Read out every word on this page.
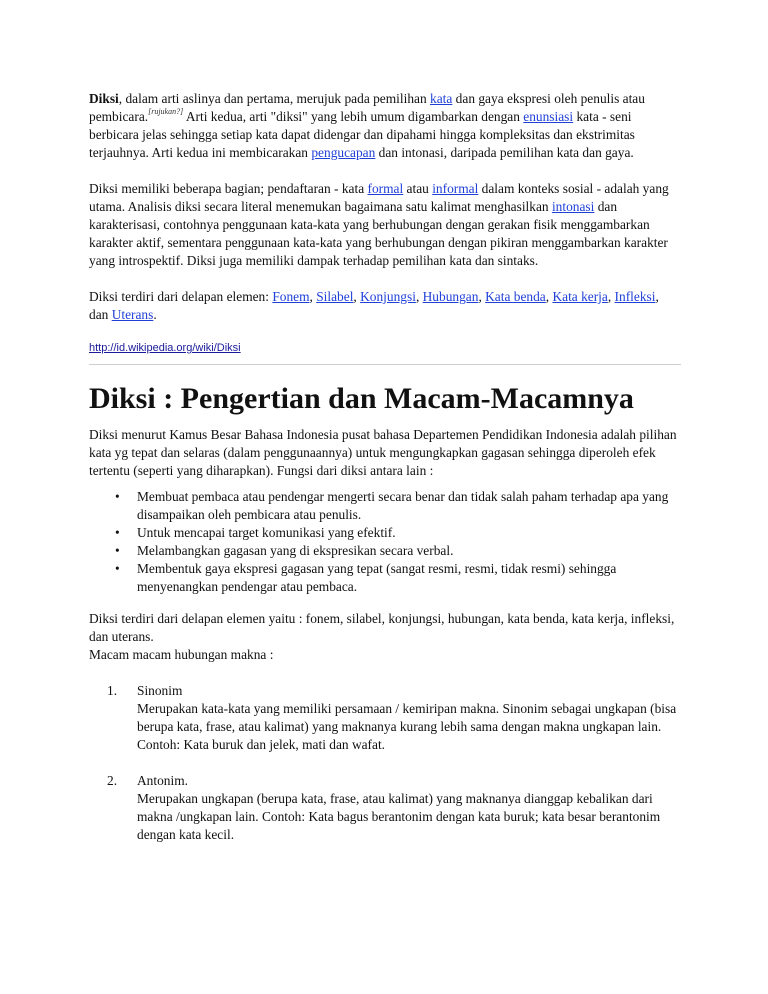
Diksi, dalam arti aslinya dan pertama, merujuk pada pemilihan kata dan gaya ekspresi oleh penulis atau pembicara.[rujukan?] Arti kedua, arti "diksi" yang lebih umum digambarkan dengan enunsiasi kata - seni berbicara jelas sehingga setiap kata dapat didengar dan dipahami hingga kompleksitas dan ekstrimitas terjauhnya. Arti kedua ini membicarakan pengucapan dan intonasi, daripada pemilihan kata dan gaya.

Diksi memiliki beberapa bagian; pendaftaran - kata formal atau informal dalam konteks sosial - adalah yang utama. Analisis diksi secara literal menemukan bagaimana satu kalimat menghasilkan intonasi dan karakterisasi, contohnya penggunaan kata-kata yang berhubungan dengan gerakan fisik menggambarkan karakter aktif, sementara penggunaan kata-kata yang berhubungan dengan pikiran menggambarkan karakter yang introspektif. Diksi juga memiliki dampak terhadap pemilihan kata dan sintaks.

Diksi terdiri dari delapan elemen: Fonem, Silabel, Konjungsi, Hubungan, Kata benda, Kata kerja, Infleksi, dan Uterans.

http://id.wikipedia.org/wiki/Diksi
Diksi : Pengertian dan Macam-Macamnya

Diksi menurut Kamus Besar Bahasa Indonesia pusat bahasa Departemen Pendidikan Indonesia adalah pilihan kata yg tepat dan selaras (dalam penggunaannya) untuk mengungkapkan gagasan sehingga diperoleh efek tertentu (seperti yang diharapkan). Fungsi dari diksi antara lain :

• Membuat pembaca atau pendengar mengerti secara benar dan tidak salah paham terhadap apa yang disampaikan oleh pembicara atau penulis.
• Untuk mencapai target komunikasi yang efektif.
• Melambangkan gagasan yang di ekspresikan secara verbal.
• Membentuk gaya ekspresi gagasan yang tepat (sangat resmi, resmi, tidak resmi) sehingga menyenangkan pendengar atau pembaca.

Diksi terdiri dari delapan elemen yaitu : fonem, silabel, konjungsi, hubungan, kata benda, kata kerja, infleksi, dan uterans.

Macam macam hubungan makna :

1. Sinonim
Merupakan kata-kata yang memiliki persamaan / kemiripan makna. Sinonim sebagai ungkapan (bisa berupa kata, frase, atau kalimat) yang maknanya kurang lebih sama dengan makna ungkapan lain. Contoh: Kata buruk dan jelek, mati dan wafat.
2. Antonim.
Merupakan ungkapan (berupa kata, frase, atau kalimat) yang maknanya dianggap kebalikan dari makna /ungkapan lain. Contoh: Kata bagus berantonim dengan kata buruk; kata besar berantonim dengan kata kecil.
